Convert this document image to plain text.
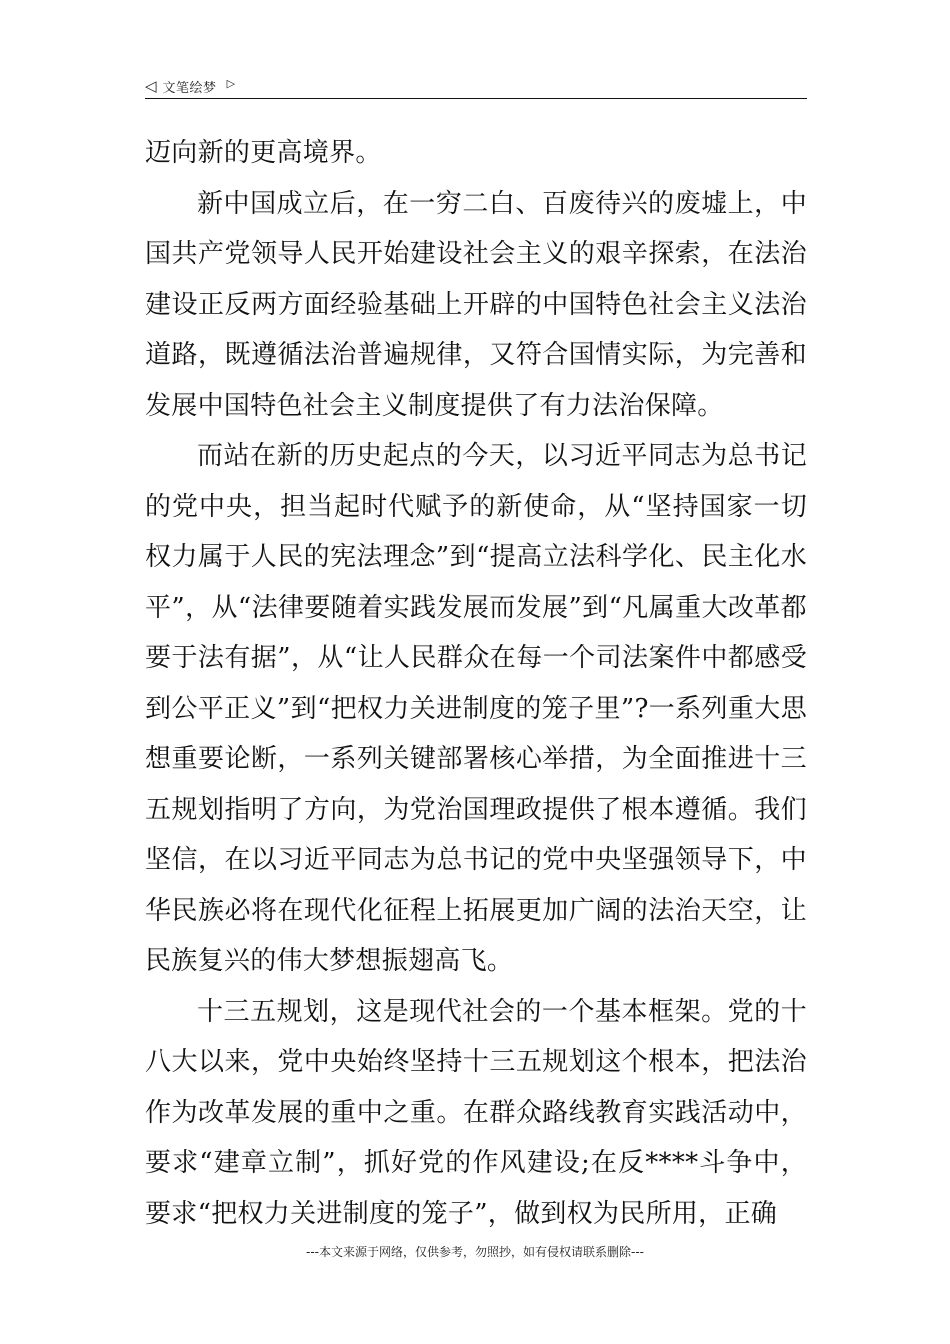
◁ 文笔绘梦 ▷

迈向新的更高境界。

新中国成立后，在一穷二白、百废待兴的废墟上，中国共产党领导人民开始建设社会主义的艰辛探索，在法治建设正反两方面经验基础上开辟的中国特色社会主义法治道路，既遵循法治普遍规律，又符合国情实际，为完善和发展中国特色社会主义制度提供了有力法治保障。

而站在新的历史起点的今天，以习近平同志为总书记的党中央，担当起时代赋予的新使命，从“坚持国家一切权力属于人民的宪法理念”到“提高立法科学化、民主化水平”，从“法律要随着实践发展而发展”到“凡属重大改革都要于法有据”，从“让人民群众在每一个司法案件中都感受到公平正义”到“把权力关进制度的笼子里”?一系列重大思想重要论断，一系列关键部署核心举措，为全面推进十三五规划指明了方向，为党治国理政提供了根本遵循。我们坚信，在以习近平同志为总书记的党中央坚强领导下，中华民族必将在现代化征程上拓展更加广阔的法治天空，让民族复兴的伟大梦想振翅高飞。

十三五规划，这是现代社会的一个基本框架。党的十八大以来，党中央始终坚持十三五规划这个根本，把法治作为改革发展的重中之重。在群众路线教育实践活动中，要求“建章立制”，抓好党的作风建设;在反****斗争中，要求“把权力关进制度的笼子”，做到权为民所用，正确

---本文来源于网络，仅供参考，勿照抄，如有侵权请联系删除---
